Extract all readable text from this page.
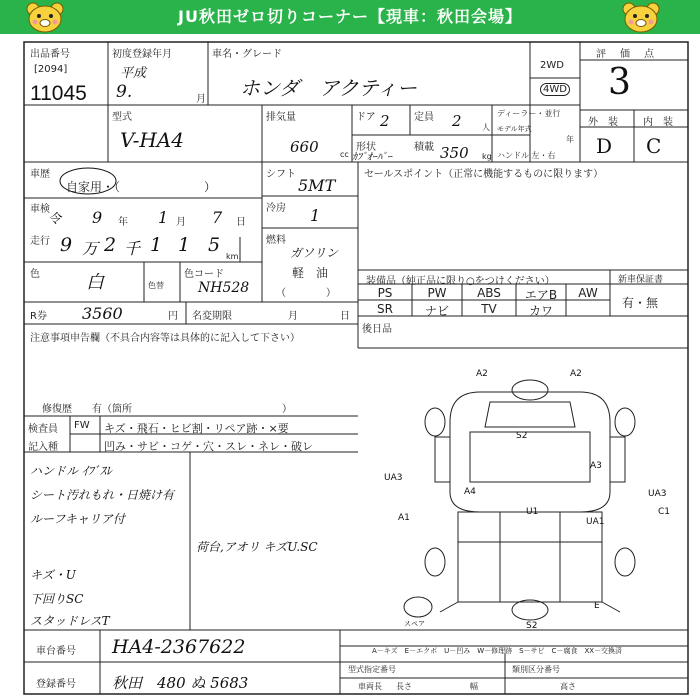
JU秋田ゼロ切りコーナー【現車：秋田会場】
出品番号
[2094]
11045
初度登録年月
平成
9.	月
車名・グレード
ホンダ　アクティー
2WD
4WD
評　価　点
3
外　装	内　装
D C
型式
V-HA4
排気量
660	cc
ドア 2 定員 2	人
形状
ｶﾌﾞｵｰﾊﾞｰ
積載 350 kg
ディーラー・並行
モデル年式
年
ハンドル 左・右
車歴
自家用・（　　　　　　　）
車検
令 9 年 1 月 7 日
走行 9 万 2 千 1 1 5
km
色	白	色替
色コード
NH528
シフト
5MT
冷房 1
燃料
ガソリン
軽　油
（　　　　）
R券 3560	円 名変期限	月	日
セールスポイント（正常に機能するものに限ります）
装備品（純正品に限り○をつけください）	新車保証書
有・無
PS	PW	ABS	エアB	AW
SR	ナビ	TV	カワ
後日品
注意事項申告欄（不具合内容等は具体的に記入して下さい）
修復歴　　有（箇所　　　　　　　　　　　　　　　）
検査員
記入種
FW キズ・飛石・ヒビ割・リペア跡・×要
凹み・サビ・コゲ・穴・スレ・ネレ・破レ
ハンドル ｲﾌﾞｽﾚ
シート汚れもれ・日焼け有
ルーフキャリア付
荷台,アオリ キズU.SC
キズ・U
下回りSC
スタッドレスT
A2	A2
S2
A3
UA3
A4
U1
UA3
C1
A1	UA1
S2
E
スペア
A－キズ　E－エクボ　U－凹み　W－修理跡　S－サビ　C－腐食　XX－交換済
車台番号 HA4-2367622
登録番号 秋田　480 ぬ 5683
型式指定番号	類別区分番号
車両長 長さ	幅	高さ
